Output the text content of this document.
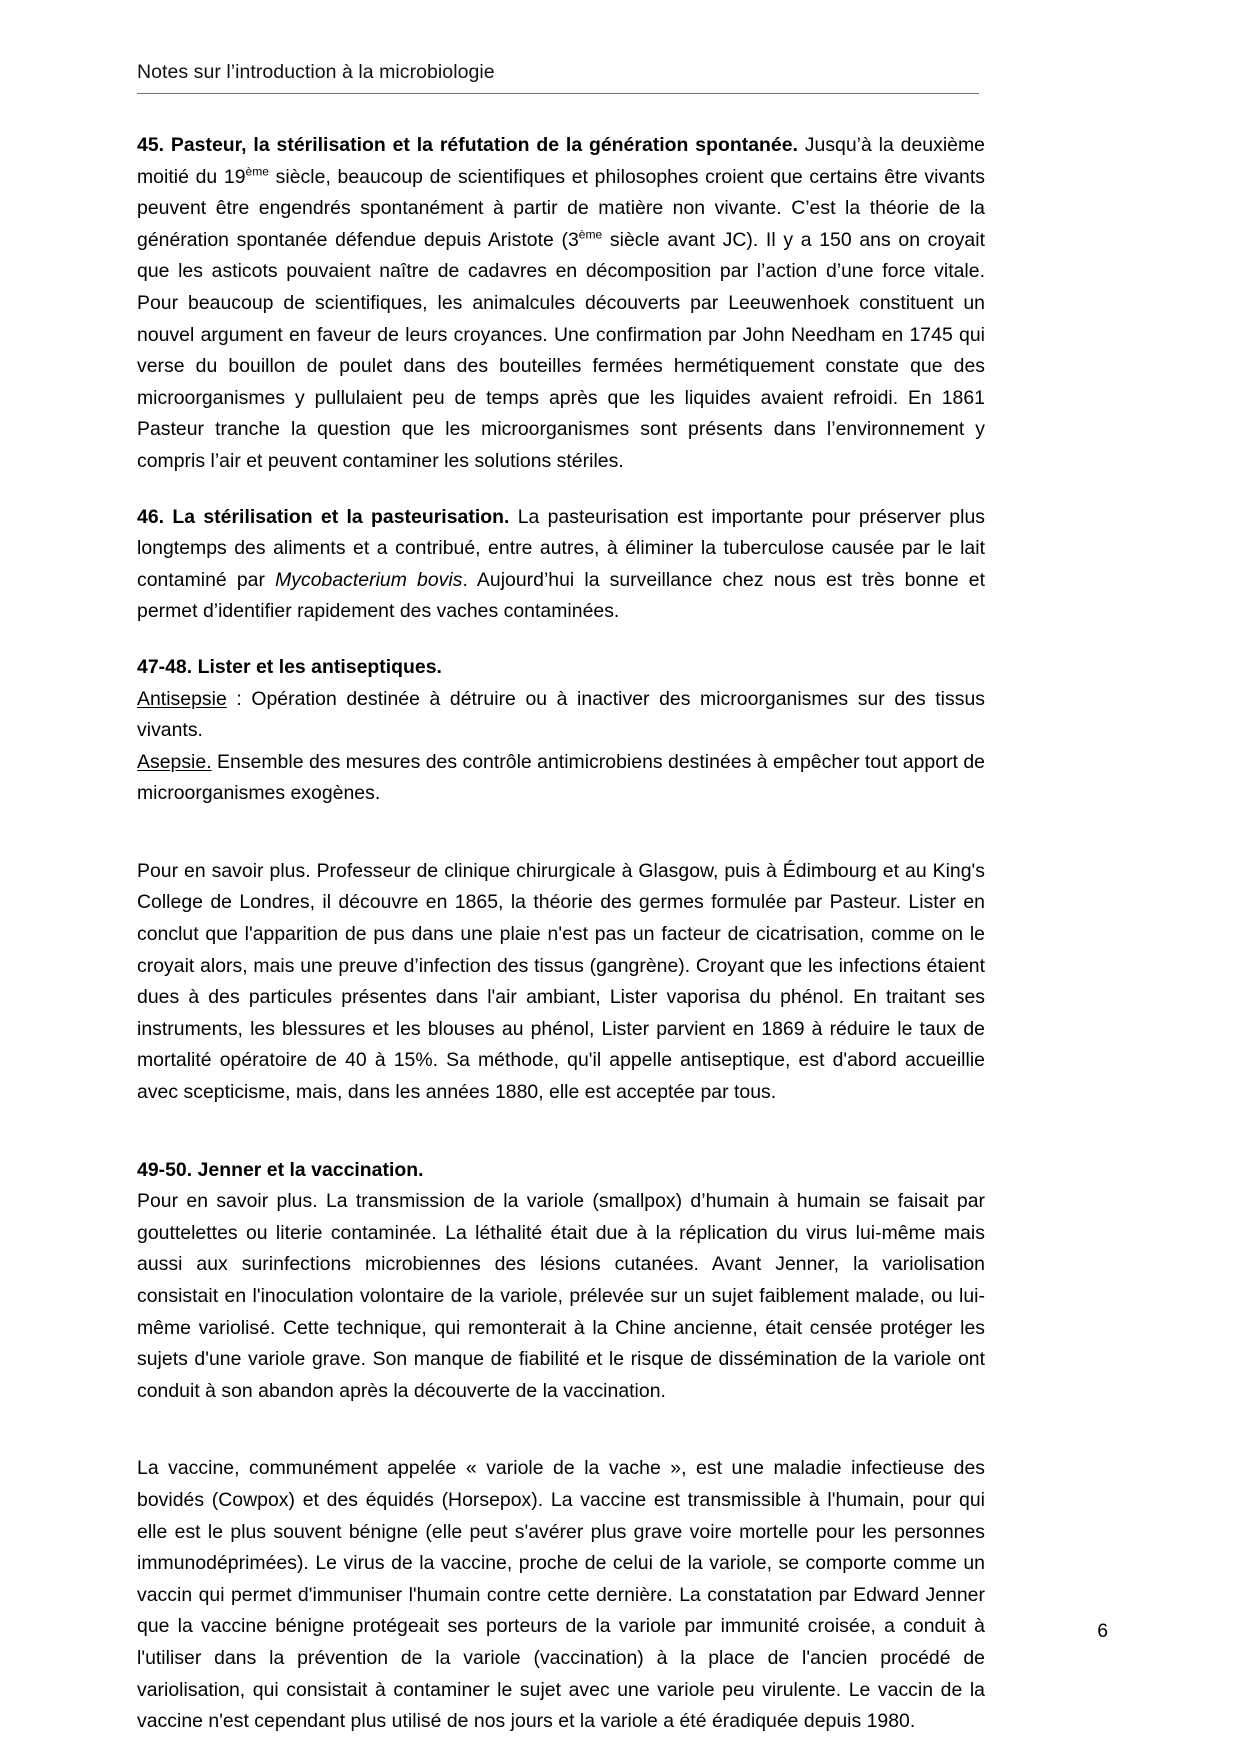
Notes sur l’introduction à la microbiologie

45. Pasteur, la stérilisation et la réfutation de la génération spontanée. Jusqu’à la deuxième moitié du 19ème siècle, beaucoup de scientifiques et philosophes croient que certains être vivants peuvent être engendrés spontanément à partir de matière non vivante. C’est la théorie de la génération spontanée défendue depuis Aristote (3ème siècle avant JC). Il y a 150 ans on croyait que les asticots pouvaient naître de cadavres en décomposition par l’action d’une force vitale. Pour beaucoup de scientifiques, les animalcules découverts par Leeuwenhoek constituent un nouvel argument en faveur de leurs croyances. Une confirmation par John Needham en 1745 qui verse du bouillon de poulet dans des bouteilles fermées hermétiquement constate que des microorganismes y pullulaient peu de temps après que les liquides avaient refroidi. En 1861 Pasteur tranche la question que les microorganismes sont présents dans l’environnement y compris l’air et peuvent contaminer les solutions stériles.

46. La stérilisation et la pasteurisation. La pasteurisation est importante pour préserver plus longtemps des aliments et a contribué, entre autres, à éliminer la tuberculose causée par le lait contaminé par Mycobacterium bovis. Aujourd’hui la surveillance chez nous est très bonne et permet d’identifier rapidement des vaches contaminées.

47-48. Lister et les antiseptiques.

Antisepsie : Opération destinée à détruire ou à inactiver des microorganismes sur des tissus vivants.

Asepsie. Ensemble des mesures des contrôle antimicrobiens destinées à empêcher tout apport de microorganismes exogènes.

Pour en savoir plus. Professeur de clinique chirurgicale à Glasgow, puis à Édimbourg et au King's College de Londres, il découvre en 1865, la théorie des germes formulée par Pasteur. Lister en conclut que l'apparition de pus dans une plaie n'est pas un facteur de cicatrisation, comme on le croyait alors, mais une preuve d’infection des tissus (gangrène). Croyant que les infections étaient dues à des particules présentes dans l'air ambiant, Lister vaporisa du phénol. En traitant ses instruments, les blessures et les blouses au phénol, Lister parvient en 1869 à réduire le taux de mortalité opératoire de 40 à 15%. Sa méthode, qu'il appelle antiseptique, est d'abord accueillie avec scepticisme, mais, dans les années 1880, elle est acceptée par tous.

49-50. Jenner et la vaccination.

Pour en savoir plus. La transmission de la variole (smallpox) d’humain à humain se faisait par gouttelettes ou literie contaminée. La léthalité était due à la réplication du virus lui-même mais aussi aux surinfections microbiennes des lésions cutanées. Avant Jenner, la variolisation consistait en l'inoculation volontaire de la variole, prélevée sur un sujet faiblement malade, ou lui-même variolisé. Cette technique, qui remonterait à la Chine ancienne, était censée protéger les sujets d'une variole grave. Son manque de fiabilité et le risque de dissémination de la variole ont conduit à son abandon après la découverte de la vaccination.

La vaccine, communément appelée « variole de la vache », est une maladie infectieuse des bovidés (Cowpox) et des équidés (Horsepox). La vaccine est transmissible à l'humain, pour qui elle est le plus souvent bénigne (elle peut s'avérer plus grave voire mortelle pour les personnes immunodéprimées). Le virus de la vaccine, proche de celui de la variole, se comporte comme un vaccin qui permet d'immuniser l'humain contre cette dernière. La constatation par Edward Jenner que la vaccine bénigne protégeait ses porteurs de la variole par immunité croisée, a conduit à l'utiliser dans la prévention de la variole (vaccination) à la place de l'ancien procédé de variolisation, qui consistait à contaminer le sujet avec une variole peu virulente. Le vaccin de la vaccine n'est cependant plus utilisé de nos jours et la variole a été éradiquée depuis 1980.

6
